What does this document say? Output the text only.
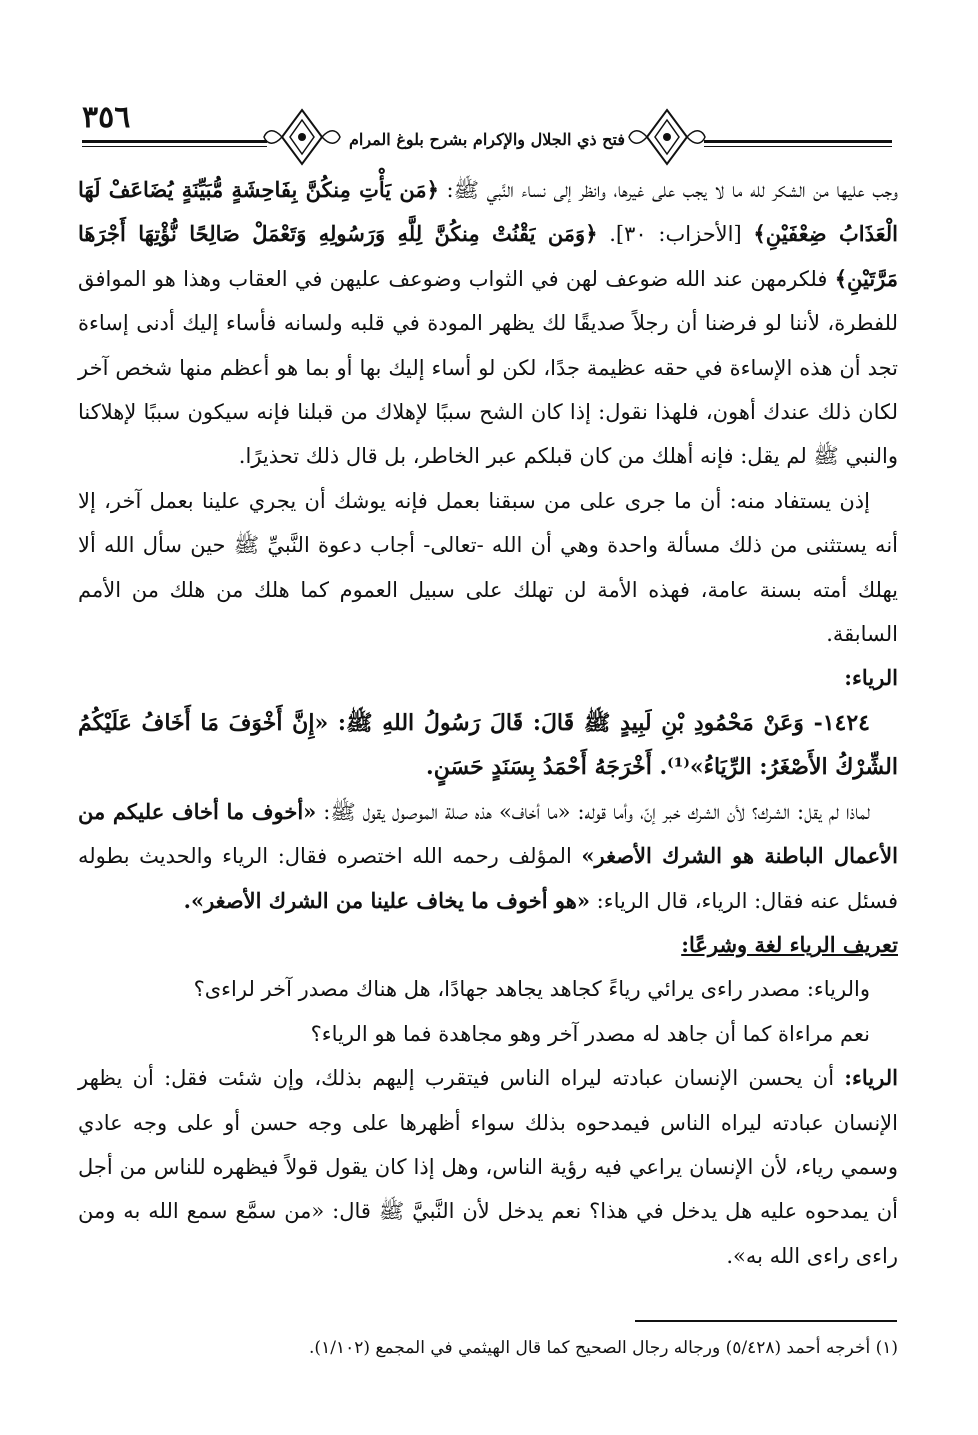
٣٥٦
فتح ذي الجلال والإكرام بشرح بلوغ المرام

وجب عليها من الشكر لله ما لا يجب على غيرها، وانظر إلى نساء النَّبي ﷺ: ﴿مَن يَأْتِ مِنكُنَّ بِفَاحِشَةٍ مُّبَيِّنَةٍ يُضَاعَفْ لَهَا الْعَذَابُ ضِعْفَيْنِ﴾ [الأحزاب: ٣٠]. ﴿وَمَن يَقْنُتْ مِنكُنَّ لِلَّهِ وَرَسُولِهِ وَتَعْمَلْ صَالِحًا نُّؤْتِهَا أَجْرَهَا مَرَّتَيْنِ﴾ فلكرمهن عند الله ضوعف لهن في الثواب وضوعف عليهن في العقاب وهذا هو الموافق للفطرة، لأننا لو فرضنا أن رجلاً صديقًا لك يظهر المودة في قلبه ولسانه فأساء إليك أدنى إساءة تجد أن هذه الإساءة في حقه عظيمة جدًا، لكن لو أساء إليك بها أو بما هو أعظم منها شخص آخر لكان ذلك عندك أهون، فلهذا نقول: إذا كان الشح سببًا لإهلاك من قبلنا فإنه سيكون سببًا لإهلاكنا والنبي ﷺ لم يقل: فإنه أهلك من كان قبلكم عبر الخاطر، بل قال ذلك تحذيرًا.

إذن يستفاد منه: أن ما جرى على من سبقنا بعمل فإنه يوشك أن يجري علينا بعمل آخر، إلا أنه يستثنى من ذلك مسألة واحدة وهي أن الله -تعالى- أجاب دعوة النَّبيِّ ﷺ حين سأل الله ألا يهلك أمته بسنة عامة، فهذه الأمة لن تهلك على سبيل العموم كما هلك من هلك من الأمم السابقة.

الرياء:

١٤٢٤- وَعَنْ مَحْمُودِ بْنِ لَبِيدٍ ﷺ قَالَ: قَالَ رَسُولُ اللهِ ﷺ: «إِنَّ أَخْوَفَ مَا أَخَافُ عَلَيْكُمُ الشِّرْكُ الأَصْغَرُ: الرِّيَاءُ»⁽¹⁾. أَخْرَجَهُ أَحْمَدُ بِسَنَدٍ حَسَنٍ.

لماذا لم يقل: الشرك؟ لأن الشرك خبر إنّ، وأما قوله: «ما أخاف» هذه صلة الموصول يقول ﷺ: «أخوف ما أخاف عليكم من الأعمال الباطنة هو الشرك الأصغر» المؤلف رحمه الله اختصره فقال: الرياء والحديث بطوله فسئل عنه فقال: الرياء، قال الرياء: «هو أخوف ما يخاف علينا من الشرك الأصغر».

تعريف الرياء لغة وشرعًا:

والرياء: مصدر راءى يرائي رياءً كجاهد يجاهد جهادًا، هل هناك مصدر آخر لراءى؟

نعم مراءاة كما أن جاهد له مصدر آخر وهو مجاهدة فما هو الرياء؟

الرياء: أن يحسن الإنسان عبادته ليراه الناس فيتقرب إليهم بذلك، وإن شئت فقل: أن يظهر الإنسان عبادته ليراه الناس فيمدحوه بذلك سواء أظهرها على وجه حسن أو على وجه عادي وسمي رياء، لأن الإنسان يراعي فيه رؤية الناس، وهل إذا كان يقول قولاً فيظهره للناس من أجل أن يمدحوه عليه هل يدخل في هذا؟ نعم يدخل لأن النَّبيَّ ﷺ قال: «من سمَّع سمع الله به ومن راءى راءى الله به».

(١) أخرجه أحمد (٥/٤٢٨) ورجاله رجال الصحيح كما قال الهيثمي في المجمع (١/١٠٢).
